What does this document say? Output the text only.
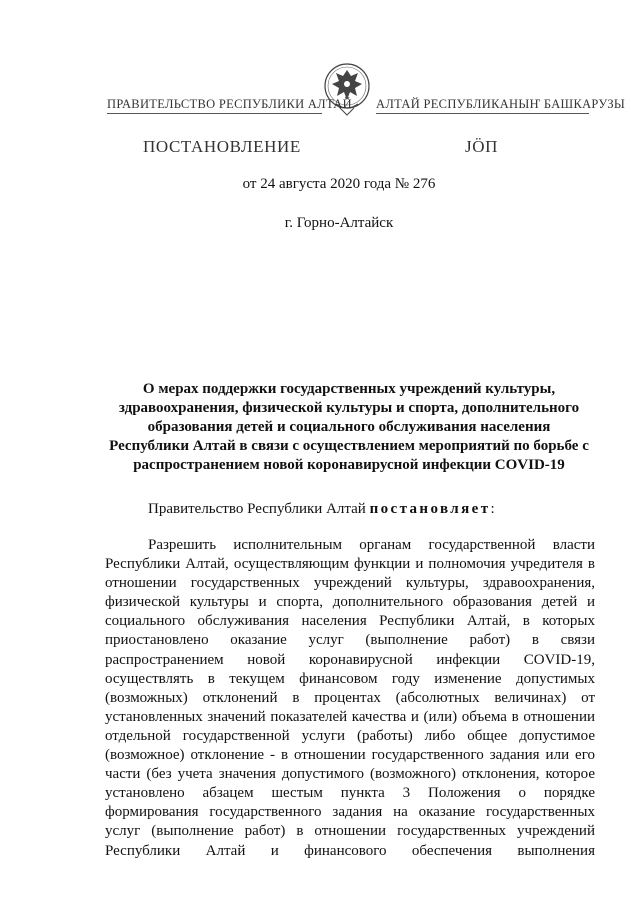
ПРАВИТЕЛЬСТВО РЕСПУБЛИКИ АЛТАЙ АЛТАЙ РЕСПУБЛИКАНЫҤ БАШКАРУЗЫ
ПОСТАНОВЛЕНИЕ	ЈӦП
от 24 августа 2020 года № 276
г. Горно-Алтайск
О мерах поддержки государственных учреждений культуры,
здравоохранения, физической культуры и спорта, дополнительного
образования детей и социального обслуживания населения
Республики Алтай в связи с осуществлением мероприятий по борьбе с
распространением новой коронавирусной инфекции COVID-19
Правительство Республики Алтай постановляет:
Разрешить исполнительным органам государственной власти
Республики Алтай, осуществляющим функции и полномочия учредителя в
отношении государственных учреждений культуры, здравоохранения,
физической культуры и спорта, дополнительного образования детей и
социального обслуживания населения Республики Алтай, в которых
приостановлено оказание услуг (выполнение работ) в связи
распространением новой коронавирусной инфекции COVID-19,
осуществлять в текущем финансовом году изменение допустимых
(возможных) отклонений в процентах (абсолютных величинах) от
установленных значений показателей качества и (или) объема в отношении
отдельной государственной услуги (работы) либо общее допустимое
(возможное) отклонение - в отношении государственного задания или его
части (без учета значения допустимого (возможного) отклонения, которое
установлено абзацем шестым пункта 3 Положения о порядке
формирования государственного задания на оказание государственных
услуг (выполнение работ) в отношении государственных учреждений
Республики Алтай и финансового обеспечения выполнения
